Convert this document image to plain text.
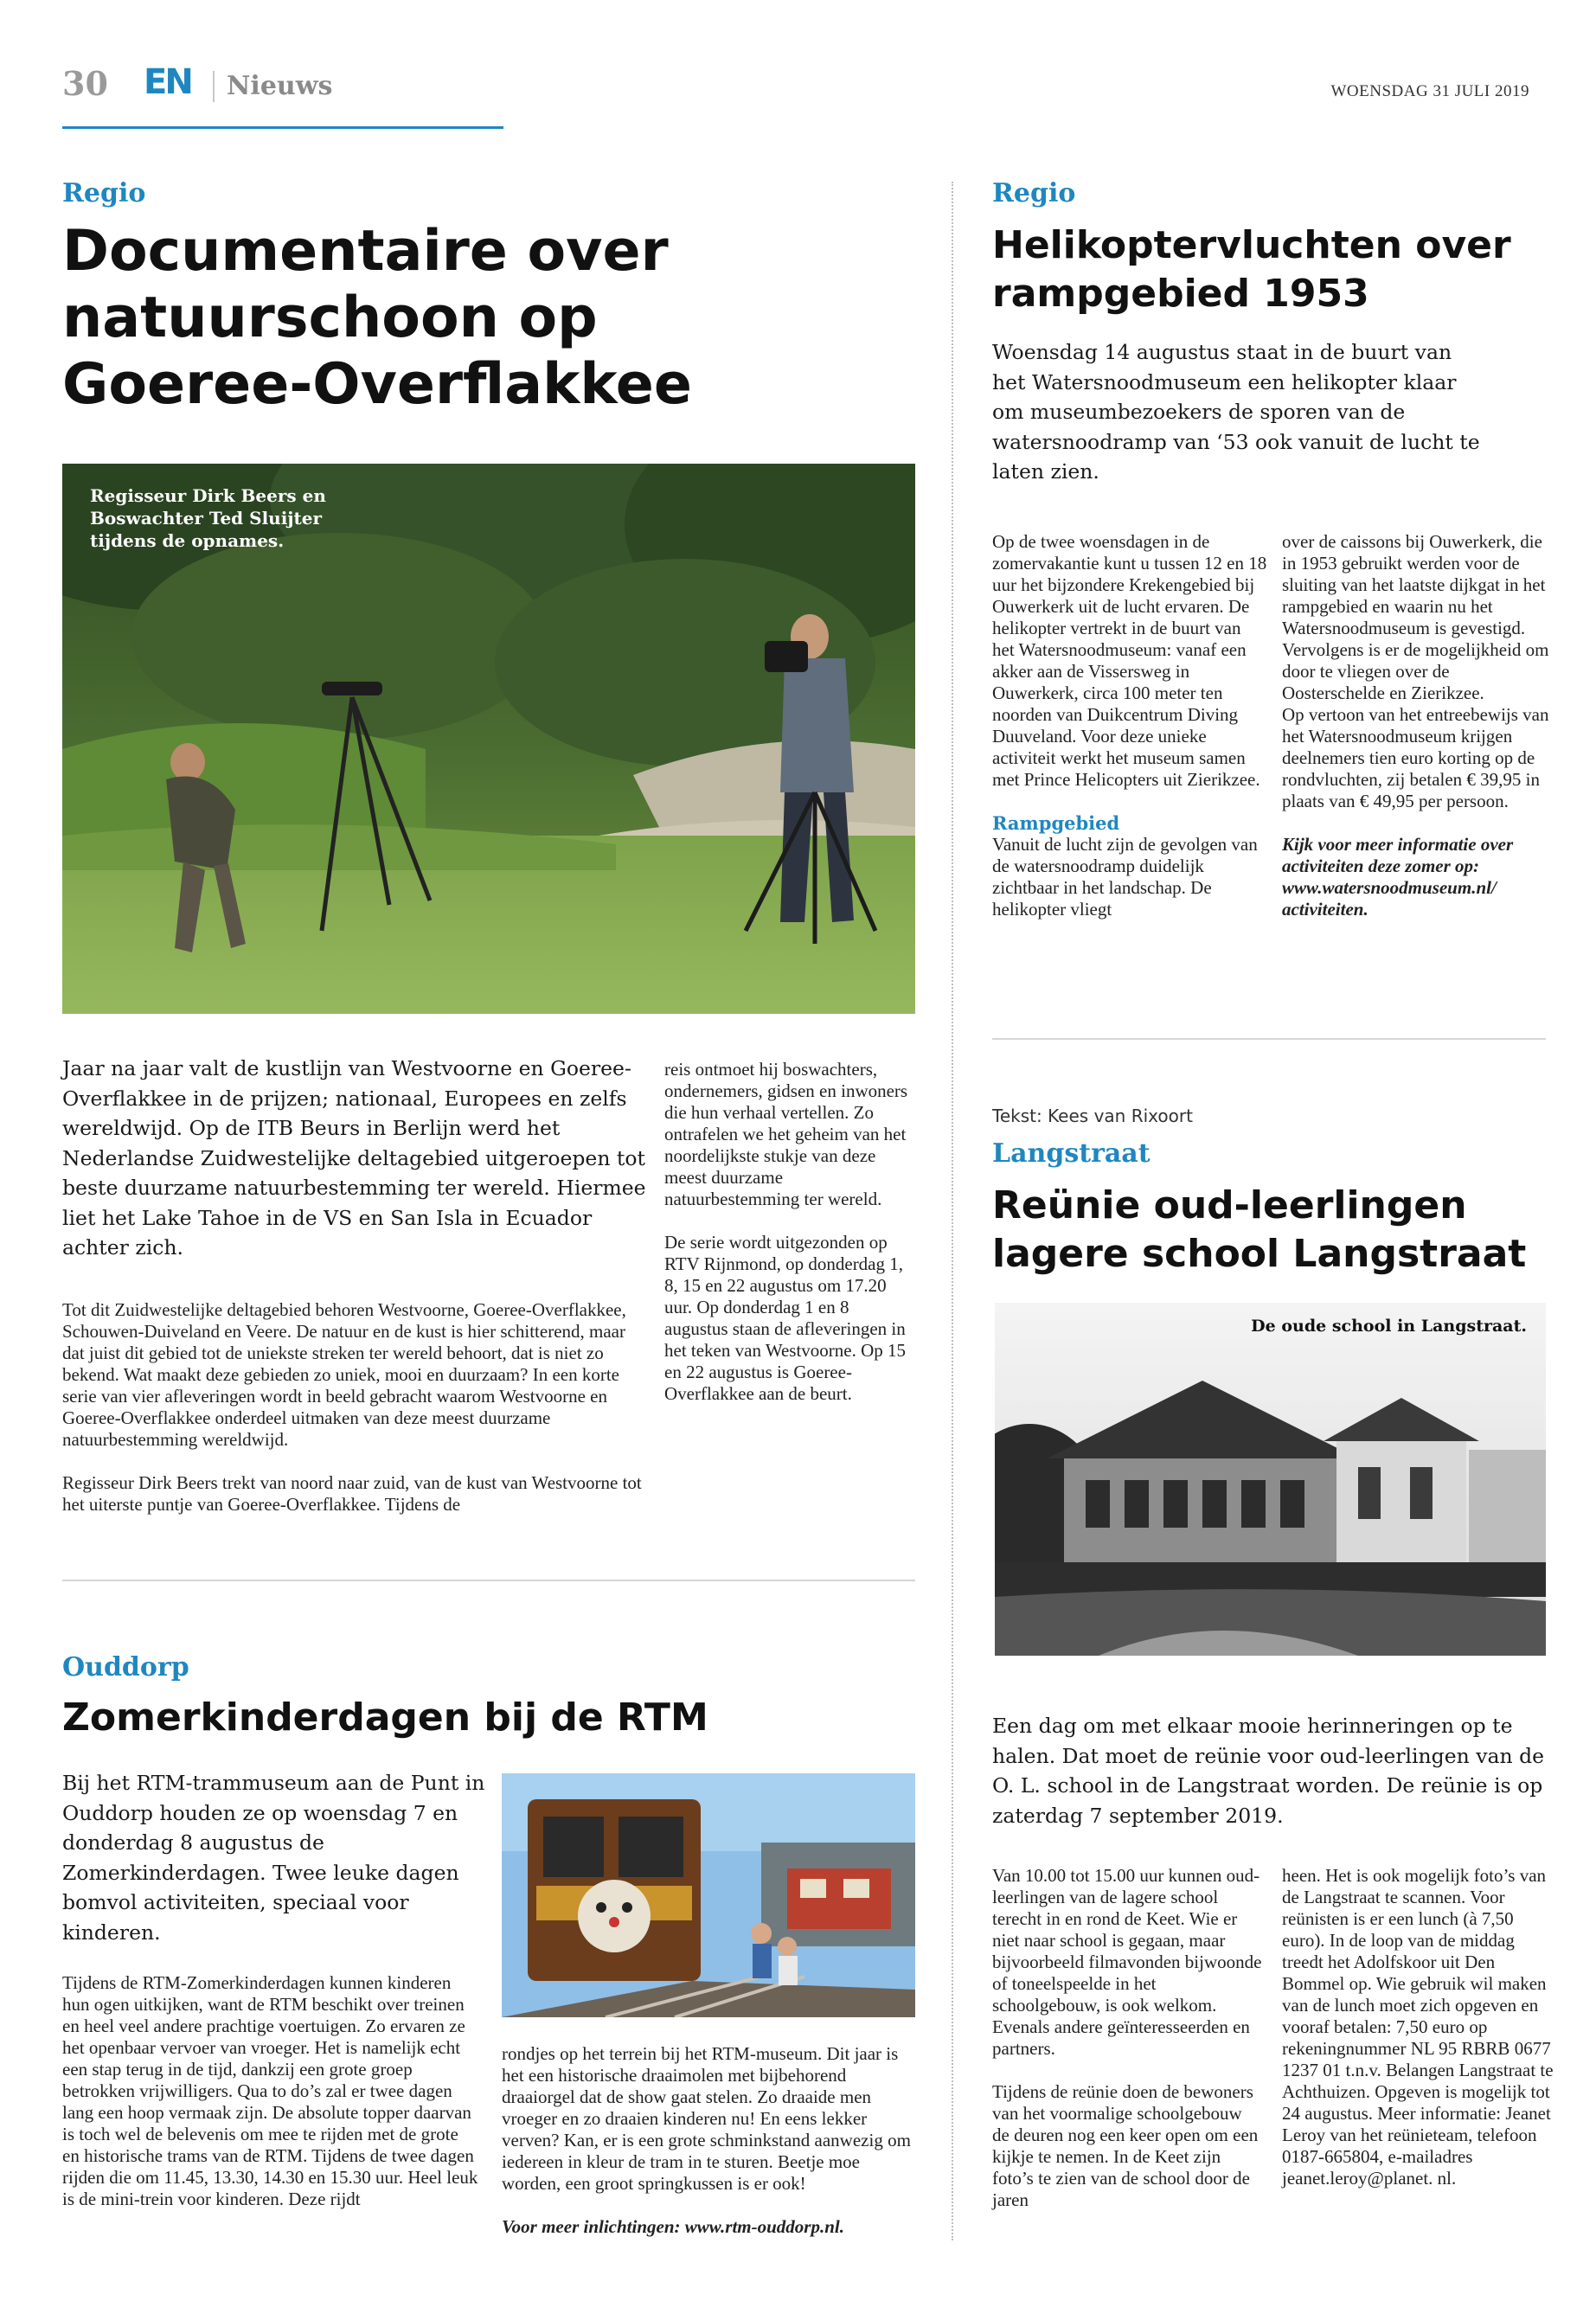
30 EN Nieuws	WOENSDAG 31 JULI 2019
Regio
Documentaire over
natuurschoon op
Goeree-Overflakkee
Regisseur Dirk Beers en
Boswachter Ted Sluijter
tijdens de opnames.
Jaar na jaar valt de kustlijn van Westvoorne en Goeree-Overflakkee in de prijzen; nationaal, Europees en zelfs wereldwijd. Op de ITB Beurs in Berlijn werd het Nederlandse Zuidwestelijke deltagebied uitgeroepen tot beste duurzame natuurbestemming ter wereld. Hiermee liet het Lake Tahoe in de VS en San Isla in Ecuador achter zich.

Tot dit Zuidwestelijke deltagebied behoren Westvoorne, Goeree-Overflakkee, Schouwen-Duiveland en Veere. De natuur en de kust is hier schitterend, maar dat juist dit gebied tot de uniekste streken ter wereld behoort, dat is niet zo bekend. Wat maakt deze gebieden zo uniek, mooi en duurzaam? In een korte serie van vier afleveringen wordt in beeld gebracht waarom Westvoorne en Goeree-Overflakkee onderdeel uitmaken van deze meest duurzame natuurbestemming wereldwijd.

Regisseur Dirk Beers trekt van noord naar zuid, van de kust van Westvoorne tot het uiterste puntje van Goeree-Overflakkee. Tijdens de

reis ontmoet hij boswachters, ondernemers, gidsen en inwoners die hun verhaal vertellen. Zo ontrafelen we het geheim van het noordelijkste stukje van deze meest duurzame natuurbestemming ter wereld.

De serie wordt uitgezonden op RTV Rijnmond, op donderdag 1, 8, 15 en 22 augustus om 17.20 uur. Op donderdag 1 en 8 augustus staan de afleveringen in het teken van Westvoorne. Op 15 en 22 augustus is Goeree-Overflakkee aan de beurt.

Regio
Helikoptervluchten over
rampgebied 1953
Woensdag 14 augustus staat in de buurt van het Watersnoodmuseum een helikopter klaar om museumbezoekers de sporen van de watersnoodramp van ‘53 ook vanuit de lucht te laten zien.

Op de twee woensdagen in de zomervakantie kunt u tussen 12 en 18 uur het bijzondere Krekengebied bij Ouwerkerk uit de lucht ervaren. De helikopter vertrekt in de buurt van het Watersnoodmuseum: vanaf een akker aan de Vissersweg in Ouwerkerk, circa 100 meter ten noorden van Duikcentrum Diving Duuveland. Voor deze unieke activiteit werkt het museum samen met Prince Helicopters uit Zierikzee.

Rampgebied

Vanuit de lucht zijn de gevolgen van de watersnoodramp duidelijk zichtbaar in het landschap. De helikopter vliegt

over de caissons bij Ouwerkerk, die in 1953 gebruikt werden voor de sluiting van het laatste dijkgat in het rampgebied en waarin nu het Watersnoodmuseum is gevestigd. Vervolgens is er de mogelijkheid om door te vliegen over de Oosterschelde en Zierikzee.

Op vertoon van het entreebewijs van het Watersnoodmuseum krijgen deelnemers tien euro korting op de rondvluchten, zij betalen € 39,95 in plaats van € 49,95 per persoon.

Kijk voor meer informatie over activiteiten deze zomer op: www.watersnoodmuseum.nl/ activiteiten.

Tekst: Kees van Rixoort
Langstraat
Reünie oud-leerlingen
lagere school Langstraat
De oude school in Langstraat.
Een dag om met elkaar mooie herinneringen op te halen. Dat moet de reünie voor oud-leerlingen van de O. L. school in de Langstraat worden. De reünie is op zaterdag 7 september 2019.

Van 10.00 tot 15.00 uur kunnen oud-leerlingen van de lagere school terecht in en rond de Keet. Wie er niet naar school is gegaan, maar bijvoorbeeld filmavonden bijwoonde of toneelspeelde in het schoolgebouw, is ook welkom. Evenals andere geïnteresseerden en partners.

Tijdens de reünie doen de bewoners van het voormalige schoolgebouw de deuren nog een keer open om een kijkje te nemen. In de Keet zijn foto’s te zien van de school door de jaren

heen. Het is ook mogelijk foto’s van de Langstraat te scannen. Voor reünisten is er een lunch (à 7,50 euro). In de loop van de middag treedt het Adolfskoor uit Den Bommel op. Wie gebruik wil maken van de lunch moet zich opgeven en vooraf betalen: 7,50 euro op rekeningnummer NL 95 RBRB 0677 1237 01 t.n.v. Belangen Langstraat te Achthuizen. Opgeven is mogelijk tot 24 augustus. Meer informatie: Jeanet Leroy van het reünieteam, telefoon 0187-665804, e-mailadres jeanet.leroy@planet. nl.

Ouddorp
Zomerkinderdagen bij de RTM
Bij het RTM-trammuseum aan de Punt in Ouddorp houden ze op woensdag 7 en donderdag 8 augustus de Zomerkinderdagen. Twee leuke dagen bomvol activiteiten, speciaal voor kinderen.

Tijdens de RTM-Zomerkinderdagen kunnen kinderen hun ogen uitkijken, want de RTM beschikt over treinen en heel veel andere prachtige voertuigen. Zo ervaren ze het openbaar vervoer van vroeger. Het is namelijk echt een stap terug in de tijd, dankzij een grote groep betrokken vrijwilligers. Qua to do’s zal er twee dagen lang een hoop vermaak zijn. De absolute topper daarvan is toch wel de belevenis om mee te rijden met de grote en historische trams van de RTM. Tijdens de twee dagen rijden die om 11.45, 13.30, 14.30 en 15.30 uur. Heel leuk is de mini-trein voor kinderen. Deze rijdt

rondjes op het terrein bij het RTM-museum. Dit jaar is het een historische draaimolen met bijbehorend draaiorgel dat de show gaat stelen. Zo draaide men vroeger en zo draaien kinderen nu! En eens lekker verven? Kan, er is een grote schminkstand aanwezig om iedereen in kleur de tram in te sturen. Beetje moe worden, een groot springkussen is er ook!

Voor meer inlichtingen: www.rtm-ouddorp.nl.
